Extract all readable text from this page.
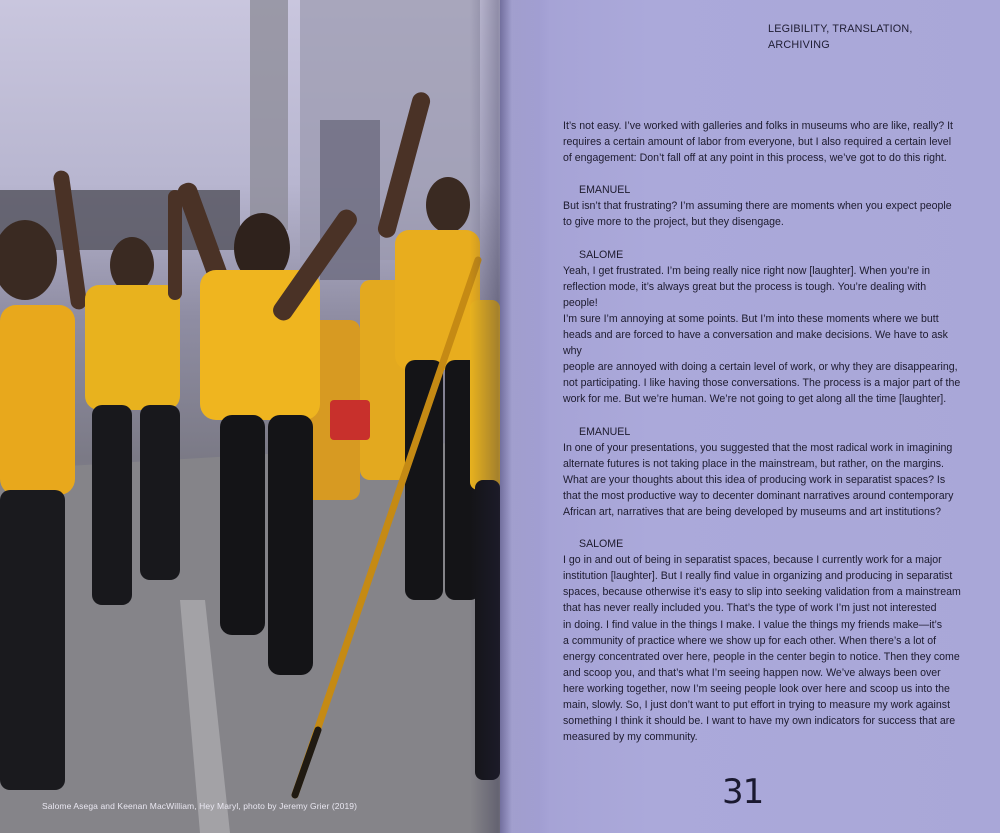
Salome Asega and Keenan MacWilliam, Hey Maryl, photo by Jeremy Grier (2019)
LEGIBILITY, TRANSLATION,
ARCHIVING

It’s not easy. I’ve worked with galleries and folks in museums who are like, really? It
requires a certain amount of labor from everyone, but I also required a certain level
of engagement: Don’t fall off at any point in this process, we’ve got to do this right.

EMANUEL

But isn’t that frustrating? I’m assuming there are moments when you expect people
to give more to the project, but they disengage.

SALOME

Yeah, I get frustrated. I’m being really nice right now [laughter]. When you’re in
reflection mode, it’s always great but the process is tough. You’re dealing with people!
I’m sure I’m annoying at some points. But I’m into these moments where we butt
heads and are forced to have a conversation and make decisions. We have to ask why
people are annoyed with doing a certain level of work, or why they are disappearing,
not participating. I like having those conversations. The process is a major part of the
work for me. But we’re human. We’re not going to get along all the time [laughter].

EMANUEL

In one of your presentations, you suggested that the most radical work in imagining
alternate futures is not taking place in the mainstream, but rather, on the margins.
What are your thoughts about this idea of producing work in separatist spaces? Is
that the most productive way to decenter dominant narratives around contemporary
African art, narratives that are being developed by museums and art institutions?

SALOME

I go in and out of being in separatist spaces, because I currently work for a major
institution [laughter]. But I really find value in organizing and producing in separatist
spaces, because otherwise it’s easy to slip into seeking validation from a mainstream
that has never really included you. That’s the type of work I’m just not interested
in doing. I find value in the things I make. I value the things my friends make—it’s
a community of practice where we show up for each other. When there’s a lot of
energy concentrated over here, people in the center begin to notice. Then they come
and scoop you, and that’s what I’m seeing happen now. We’ve always been over
here working together, now I’m seeing people look over here and scoop us into the
main, slowly. So, I just don’t want to put effort in trying to measure my work against
something I think it should be. I want to have my own indicators for success that are
measured by my community.

31
